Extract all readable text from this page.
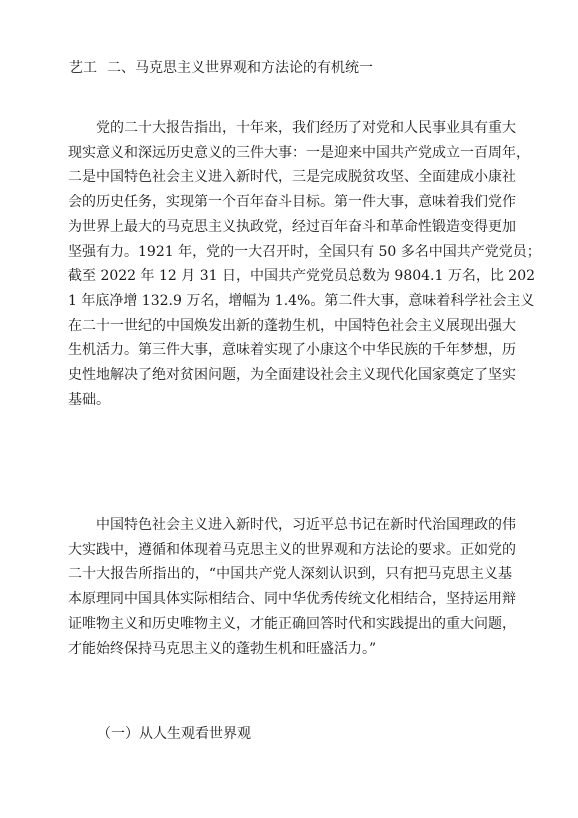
艺工 二、马克思主义世界观和方法论的有机统一
党的二十大报告指出，十年来，我们经历了对党和人民事业具有重大
现实意义和深远历史意义的三件大事：一是迎来中国共产党成立一百周年，
二是中国特色社会主义进入新时代，三是完成脱贫攻坚、全面建成小康社
会的历史任务，实现第一个百年奋斗目标。第一件大事，意味着我们党作
为世界上最大的马克思主义执政党，经过百年奋斗和革命性锻造变得更加
坚强有力。1921 年，党的一大召开时，全国只有 50 多名中国共产党党员；
截至 2022 年 12 月 31 日，中国共产党党员总数为 9804.1 万名，比 202
1 年底净增 132.9 万名，增幅为 1.4%。第二件大事，意味着科学社会主义
在二十一世纪的中国焕发出新的蓬勃生机，中国特色社会主义展现出强大
生机活力。第三件大事，意味着实现了小康这个中华民族的千年梦想，历
史性地解决了绝对贫困问题，为全面建设社会主义现代化国家奠定了坚实
基础。
中国特色社会主义进入新时代，习近平总书记在新时代治国理政的伟
大实践中，遵循和体现着马克思主义的世界观和方法论的要求。正如党的
二十大报告所指出的，“中国共产党人深刻认识到，只有把马克思主义基
本原理同中国具体实际相结合、同中华优秀传统文化相结合，坚持运用辩
证唯物主义和历史唯物主义，才能正确回答时代和实践提出的重大问题，
才能始终保持马克思主义的蓬勃生机和旺盛活力。”
（一）从人生观看世界观
